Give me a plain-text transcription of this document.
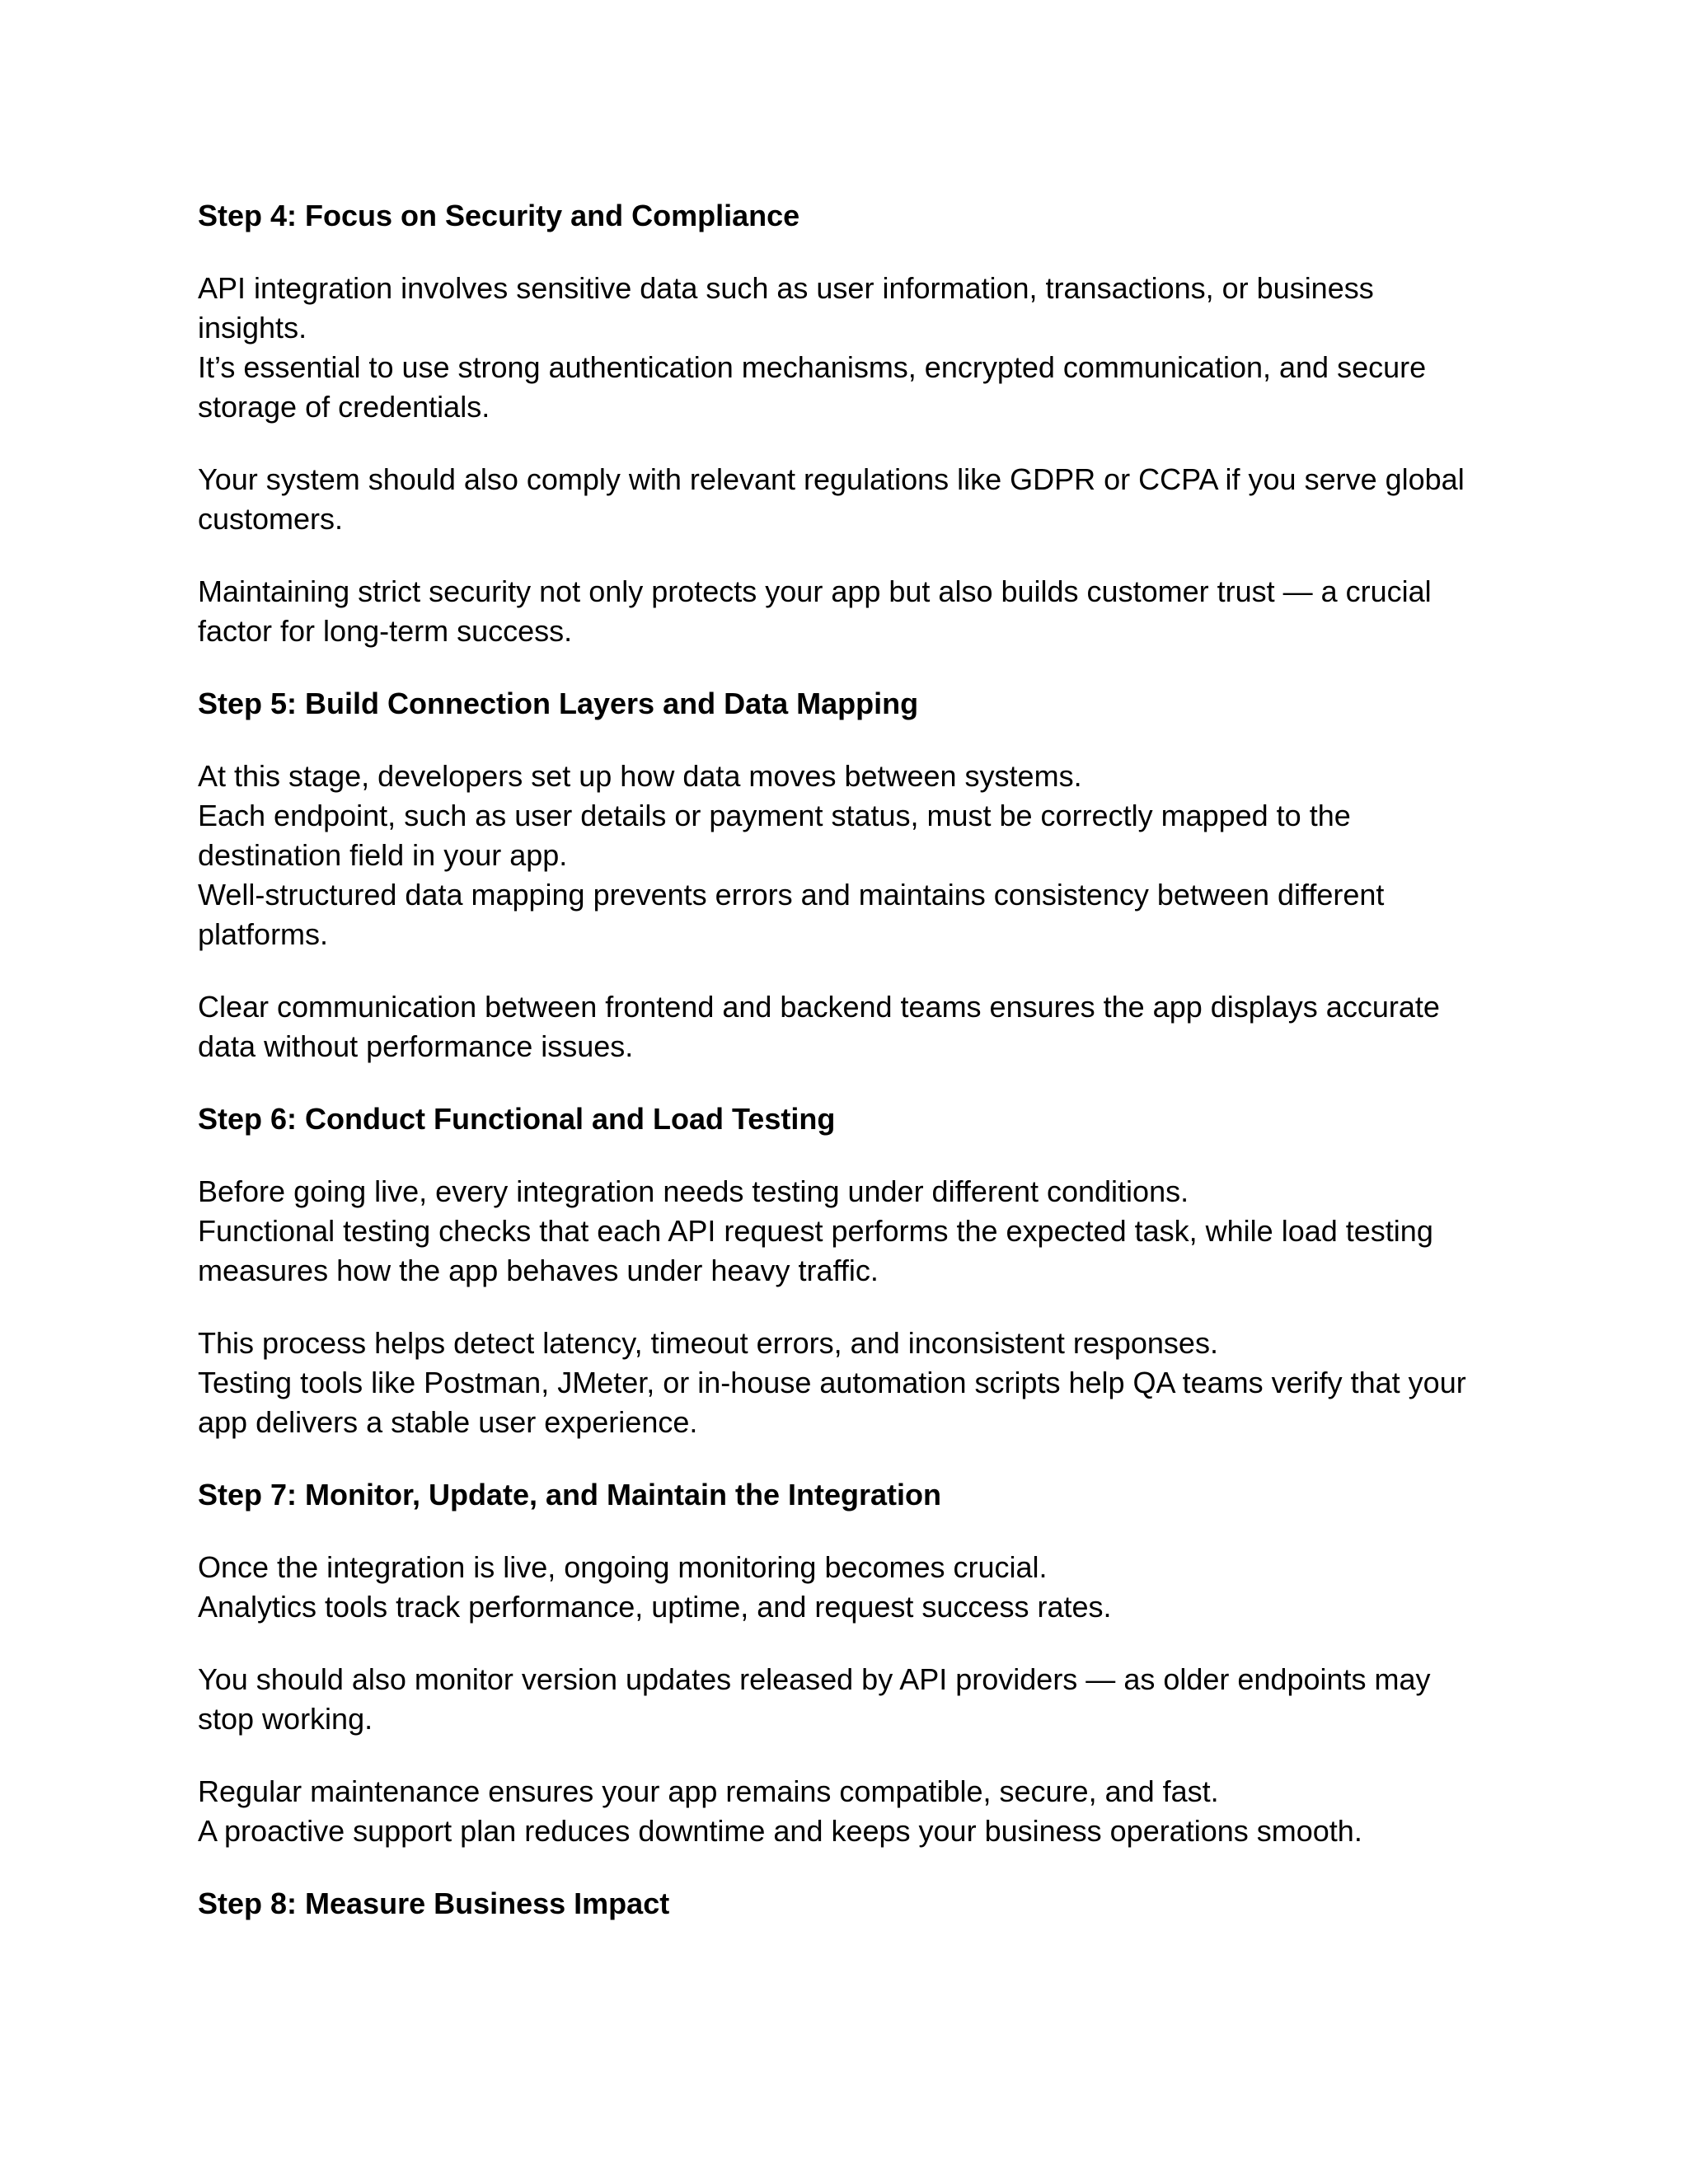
Step 4: Focus on Security and Compliance

API integration involves sensitive data such as user information, transactions, or business insights.
It’s essential to use strong authentication mechanisms, encrypted communication, and secure storage of credentials.

Your system should also comply with relevant regulations like GDPR or CCPA if you serve global customers.

Maintaining strict security not only protects your app but also builds customer trust — a crucial factor for long-term success.

Step 5: Build Connection Layers and Data Mapping

At this stage, developers set up how data moves between systems.
Each endpoint, such as user details or payment status, must be correctly mapped to the destination field in your app.
Well-structured data mapping prevents errors and maintains consistency between different platforms.

Clear communication between frontend and backend teams ensures the app displays accurate data without performance issues.

Step 6: Conduct Functional and Load Testing

Before going live, every integration needs testing under different conditions.
Functional testing checks that each API request performs the expected task, while load testing measures how the app behaves under heavy traffic.

This process helps detect latency, timeout errors, and inconsistent responses.
Testing tools like Postman, JMeter, or in-house automation scripts help QA teams verify that your app delivers a stable user experience.

Step 7: Monitor, Update, and Maintain the Integration

Once the integration is live, ongoing monitoring becomes crucial.
Analytics tools track performance, uptime, and request success rates.

You should also monitor version updates released by API providers — as older endpoints may stop working.

Regular maintenance ensures your app remains compatible, secure, and fast.
A proactive support plan reduces downtime and keeps your business operations smooth.

Step 8: Measure Business Impact
